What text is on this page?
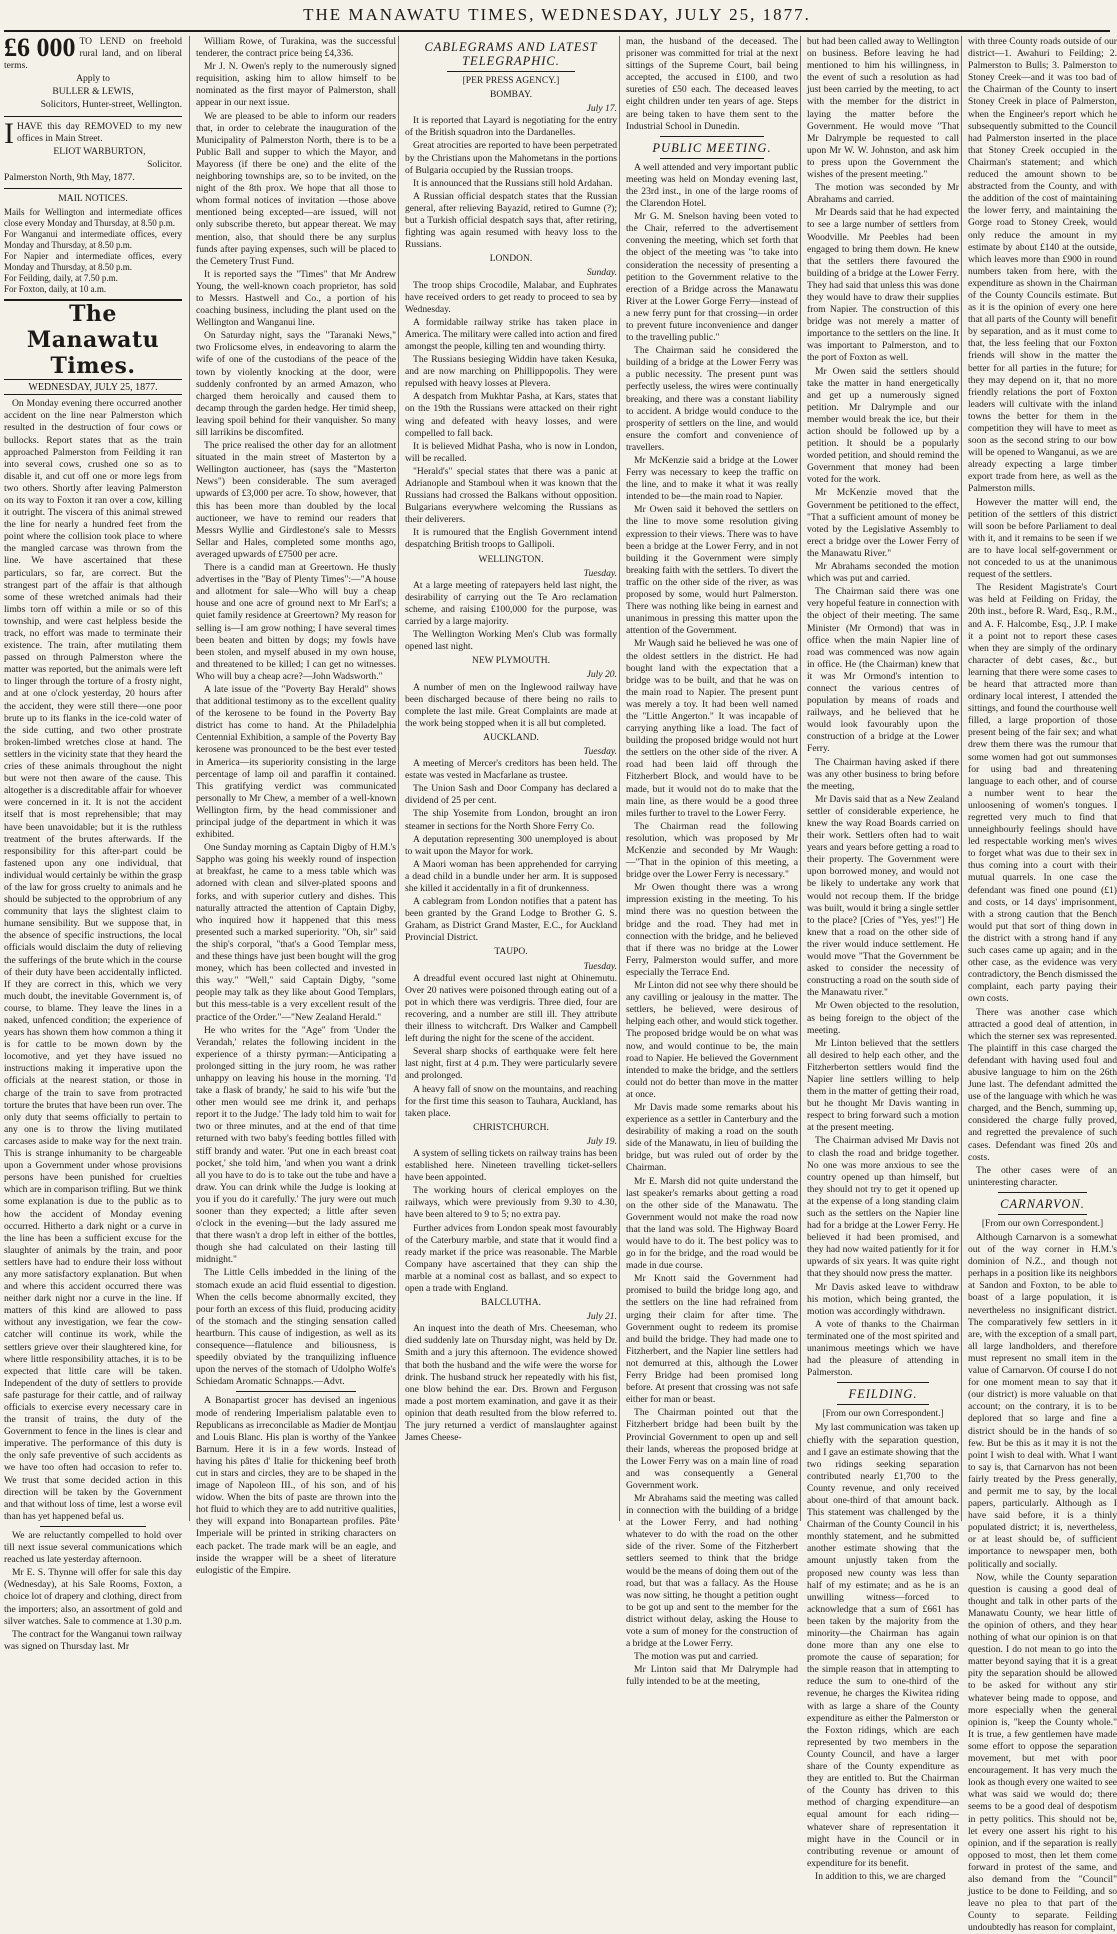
THE MANAWATU TIMES, WEDNESDAY, JULY 25, 1877.
£6 000 TO LEND on freehold rural land, and on liberal terms.

Apply to

BULLER & LEWIS,

Solicitors, Hunter-street, Wellington.

IHAVE this day REMOVED to my new offices in Main Street.

ELIOT WARBURTON,

Solicitor.

Palmerston North, 9th May, 1877.

MAIL NOTICES.
Mails for Wellington and intermediate offices close every Monday and Thursday, at 8.50 p.m.
For Wanganui and intermediate offices, every Monday and Thursday, at 8.50 p.m.
For Napier and intermediate offices, every Monday and Thursday, at 8.50 p.m.
For Feilding, daily, at 7.50 p.m.
For Foxton, daily, at 10 a.m.
The Manawatu Times.
WEDNESDAY, JULY 25, 1877.

On Monday evening there occurred another accident on the line near Palmerston which resulted in the destruction of four cows or bullocks. Report states that as the train approached Palmerston from Feilding it ran into several cows, crushed one so as to disable it, and cut off one or more legs from two others. Shortly after leaving Palmerston on its way to Foxton it ran over a cow, killing it outright. The viscera of this animal strewed the line for nearly a hundred feet from the point where the collision took place to where the mangled carcase was thrown from the line. We have ascertained that these particulars, so far, are correct. But the strangest part of the affair is that although some of these wretched animals had their limbs torn off within a mile or so of this township, and were cast helpless beside the track, no effort was made to terminate their existence. The train, after mutilating them passed on through Palmerston where the matter was reported, but the animals were left to linger through the torture of a frosty night, and at one o'clock yesterday, 20 hours after the accident, they were still there—one poor brute up to its flanks in the ice-cold water of the side cutting, and two other prostrate broken-limbed wretches close at hand. The settlers in the vicinity state that they heard the cries of these animals throughout the night but were not then aware of the cause. This altogether is a discreditable affair for whoever were concerned in it. It is not the accident itself that is most reprehensible; that may have been unavoidable; but it is the ruthless treatment of the brutes afterwards. If the responsibility for this after-part could be fastened upon any one individual, that individual would certainly be within the grasp of the law for gross cruelty to animals and he should be subjected to the opprobrium of any community that lays the slightest claim to humane sensibility. But we suppose that, in the absence of specific instructions, the local officials would disclaim the duty of relieving the sufferings of the brute which in the course of their duty have been accidentally inflicted. If they are correct in this, which we very much doubt, the inevitable Government is, of course, to blame. They leave the lines in a naked, unfenced condition; the experience of years has shown them how common a thing it is for cattle to be mown down by the locomotive, and yet they have issued no instructions making it imperative upon the officials at the nearest station, or those in charge of the train to save from protracted torture the brutes that have been run over. The only duty that seems officially to pertain to any one is to throw the living mutilated carcases aside to make way for the next train. This is strange inhumanity to be chargeable upon a Government under whose provisions persons have been punished for cruelties which are in comparison trifling. But we think some explanation is due to the public as to how the accident of Monday evening occurred. Hitherto a dark night or a curve in the line has been a sufficient excuse for the slaughter of animals by the train, and poor settlers have had to endure their loss without any more satisfactory explanation. But when and where this accident occurred there was neither dark night nor a curve in the line. If matters of this kind are allowed to pass without any investigation, we fear the cow-catcher will continue its work, while the settlers grieve over their slaughtered kine, for where little responsibility attaches, it is to be expected that little care will be taken. Independent of the duty of settlers to provide safe pasturage for their cattle, and of railway officials to exercise every necessary care in the transit of trains, the duty of the Government to fence in the lines is clear and imperative. The performance of this duty is the only safe preventive of such accidents as we have too often had occasion to refer to. We trust that some decided action in this direction will be taken by the Government and that without loss of time, lest a worse evil than has yet happened befal us.

We are reluctantly compelled to hold over till next issue several communications which reached us late yesterday afternoon.

Mr E. S. Thynne will offer for sale this day (Wednesday), at his Sale Rooms, Foxton, a choice lot of drapery and clothing, direct from the importers; also, an assortment of gold and silver watches. Sale to commence at 1.30 p.m.

The contract for the Wanganui town railway was signed on Thursday last. Mr

William Rowe, of Turakina, was the successful tenderer, the contract price being £4,336.

Mr J. N. Owen's reply to the numerously signed requisition, asking him to allow himself to be nominated as the first mayor of Palmerston, shall appear in our next issue.

We are pleased to be able to inform our readers that, in order to celebrate the inauguration of the Municipality of Palmerston North, there is to be a Public Ball and supper to which the Mayor, and Mayoress (if there be one) and the elite of the neighboring townships are, so to be invited, on the night of the 8th prox. We hope that all those to whom formal notices of invitation —those above mentioned being excepted—are issued, will not only subscribe thereto, but appear thereat. We may mention, also, that should there be any surplus funds after paying expenses, such will be placed to the Cemetery Trust Fund.

It is reported says the "Times" that Mr Andrew Young, the well-known coach proprietor, has sold to Messrs. Hastwell and Co., a portion of his coaching business, including the plant used on the Wellington and Wanganui line.

On Saturday night, says the "Taranaki News," two Frolicsome elves, in endeavoring to alarm the wife of one of the custodians of the peace of the town by violently knocking at the door, were suddenly confronted by an armed Amazon, who charged them heroically and caused them to decamp through the garden hedge. Her timid sheep, leaving spoil behind for their vanquisher. So many sill larrikins be discomfited.

The price realised the other day for an allotment situated in the main street of Masterton by a Wellington auctioneer, has (says the "Masterton News") been considerable. The sum averaged upwards of £3,000 per acre. To show, however, that this has been more than doubled by the local auctioneer, we have to remind our readers that Messrs Wyllie and Girdlestone's sale to Messrs Sellar and Hales, completed some months ago, averaged upwards of £7500 per acre.

There is a candid man at Greertown. He thusly advertises in the "Bay of Plenty Times":—"A house and allotment for sale—Who will buy a cheap house and one acre of ground next to Mr Earl's; a quiet family residence at Greertown? My reason for selling is—I am grow nothing; I have several times been beaten and bitten by dogs; my fowls have been stolen, and myself abused in my own house, and threatened to be killed; I can get no witnesses. Who will buy a cheap acre?—John Wadsworth."

A late issue of the "Poverty Bay Herald" shows that additional testimony as to the excellent quality of the kerosene to be found in the Poverty Bay district has come to hand. At the Philadelphia Centennial Exhibition, a sample of the Poverty Bay kerosene was pronounced to be the best ever tested in America—its superiority consisting in the large percentage of lamp oil and paraffin it contained. This gratifying verdict was communicated personally to Mr Chew, a member of a well-known Wellington firm, by the head commissioner and principal judge of the department in which it was exhibited.

One Sunday morning as Captain Digby of H.M.'s Sappho was going his weekly round of inspection at breakfast, he came to a mess table which was adorned with clean and silver-plated spoons and forks, and with superior cutlery and dishes. This naturally attracted the attention of Captain Digby, who inquired how it happened that this mess presented such a marked superiority. "Oh, sir" said the ship's corporal, "that's a Good Templar mess, and these things have just been bought will the grog money, which has been collected and invested in this way." "Well," said Captain Digby, "some people may talk as they like about Good Templars, but this mess-table is a very excellent result of the practice of the Order."—"New Zealand Herald."

He who writes for the "Age" from 'Under the Verandah,' relates the following incident in the experience of a thirsty pyrman:—Anticipating a prolonged sitting in the jury room, he was rather unhappy on leaving his house in the morning. 'I'd take a flask of brandy,' he said to his wife 'but the other men would see me drink it, and perhaps report it to the Judge.' The lady told him to wait for two or three minutes, and at the end of that time returned with two baby's feeding bottles filled with stiff brandy and water. 'Put one in each breast coat pocket,' she told him, 'and when you want a drink all you have to do is to take out the tube and have a draw. You can drink while the Judge is looking at you if you do it carefully.' The jury were out much sooner than they expected; a little after seven o'clock in the evening—but the lady assured me that there wasn't a drop left in either of the bottles, though she had calculated on their lasting till midnight."

The Little Cells imbedded in the lining of the stomach exude an acid fluid essential to digestion. When the cells become abnormally excited, they pour forth an excess of this fluid, producing acidity of the stomach and the stinging sensation called heartburn. This cause of indigestion, as well as its consequence—flatulence and biliousness, is speedily obviated by the tranquilizing influence upon the nerves of the stomach of Udolpho Wolfe's Schiedam Aromatic Schnapps.—Advt.

A Bonapartist grocer has devised an ingenious mode of rendering Imperialism palatable even to Republicans as irreconcilable as Madier de Montjau and Louis Blanc. His plan is worthy of the Yankee Barnum. Here it is in a few words. Instead of having his pâtes d' Italie for thickening beef broth cut in stars and circles, they are to be shaped in the image of Napoleon III., of his son, and of his widow. When the bits of paste are thrown into the hot fluid to which they are to add nutritive qualities, they will expand into Bonapartean profiles. Pâte Imperiale will be printed in striking characters on each packet. The trade mark will be an eagle, and inside the wrapper will be a sheet of literature eulogistic of the Empire.

CABLEGRAMS AND LATEST TELEGRAPHIC.
[PER PRESS AGENCY.]
BOMBAY.
July 17.

It is reported that Layard is negotiating for the entry of the British squadron into the Dardanelles.

Great atrocities are reported to have been perpetrated by the Christians upon the Mahometans in the portions of Bulgaria occupied by the Russian troops.

It is announced that the Russians still hold Ardahan.

A Russian official despatch states that the Russian general, after relieving Bayazid, retired to Gumne (?); but a Turkish official despatch says that, after retiring, fighting was again resumed with heavy loss to the Russians.

LONDON.
Sunday.

The troop ships Crocodile, Malabar, and Euphrates have received orders to get ready to proceed to sea by Wednesday.

A formidable railway strike has taken place in America. The military were called into action and fired amongst the people, killing ten and wounding thirty.

The Russians besieging Widdin have taken Kesuka, and are now marching on Phillippopolis. They were repulsed with heavy losses at Plevera.

A despatch from Mukhtar Pasha, at Kars, states that on the 19th the Russians were attacked on their right wing and defeated with heavy losses, and were compelled to fall back.

It is believed Midhat Pasha, who is now in London, will be recalled.

"Herald's" special states that there was a panic at Adrianople and Stamboul when it was known that the Russians had crossed the Balkans without opposition. Bulgarians everywhere welcoming the Russians as their deliverers.

It is rumoured that the English Government intend despatching British troops to Gallipoli.

WELLINGTON.
Tuesday.

At a large meeting of ratepayers held last night, the desirability of carrying out the Te Aro reclamation scheme, and raising £100,000 for the purpose, was carried by a large majority.

The Wellington Working Men's Club was formally opened last night.

NEW PLYMOUTH.
July 20.

A number of men on the Inglewood railway have been discharged because of there being no rails to complete the last mile. Great Complaints are made at the work being stopped when it is all but completed.

AUCKLAND.
Tuesday.

A meeting of Mercer's creditors has been held. The estate was vested in Macfarlane as trustee.

The Union Sash and Door Company has declared a dividend of 25 per cent.

The ship Yosemite from London, brought an iron steamer in sections for the North Shore Ferry Co.

A deputation representing 300 unemployed is about to wait upon the Mayor for work.

A Maori woman has been apprehended for carrying a dead child in a bundle under her arm. It is supposed she killed it accidentally in a fit of drunkenness.

A cablegram from London notifies that a patent has been granted by the Grand Lodge to Brother G. S. Graham, as District Grand Master, E.C., for Auckland Provincial District.

TAUPO.
Tuesday.

A dreadful event occured last night at Ohinemutu. Over 20 natives were poisoned through eating out of a pot in which there was verdigris. Three died, four are recovering, and a number are still ill. They attribute their illness to witchcraft. Drs Walker and Campbell left during the night for the scene of the accident.

Several sharp shocks of earthquake were felt here last night, first at 4 p.m. They were particularly severe and prolonged.

A heavy fall of snow on the mountains, and reaching for the first time this season to Tauhara, Auckland, has taken place.

CHRISTCHURCH.
July 19.

A system of selling tickets on railway trains has been established here. Nineteen travelling ticket-sellers have been appointed.

The working hours of clerical employes on the railways, which were previously from 9.30 to 4.30, have been altered to 9 to 5; no extra pay.

Further advices from London speak most favourably of the Caterbury marble, and state that it would find a ready market if the price was reasonable. The Marble Company have ascertained that they can ship the marble at a nominal cost as ballast, and so expect to open a trade with England.

BALCLUTHA.
July 21.

An inquest into the death of Mrs. Cheeseman, who died suddenly late on Thursday night, was held by Dr. Smith and a jury this afternoon. The evidence showed that both the husband and the wife were the worse for drink. The husband struck her repeatedly with his fist, one blow behind the ear. Drs. Brown and Ferguson made a post mortem examination, and gave it as their opinion that death resulted from the blow referred to. The jury returned a verdict of manslaughter against James Cheese-

man, the husband of the deceased. The prisoner was committed for trial at the next sittings of the Supreme Court, bail being accepted, the accused in £100, and two sureties of £50 each. The deceased leaves eight children under ten years of age. Steps are being taken to have them sent to the Industrial School in Dunedin.

PUBLIC MEETING.

A well attended and very important public meeting was held on Monday evening last, the 23rd inst., in one of the large rooms of the Clarendon Hotel.

Mr G. M. Snelson having been voted to the Chair, referred to the advertisement convening the meeting, which set forth that the object of the meeting was "to take into consideration the necessity of presenting a petition to the Government relative to the erection of a Bridge across the Manawatu River at the Lower Gorge Ferry—instead of a new ferry punt for that crossing—in order to prevent future inconvenience and danger to the travelling public."

The Chairman said he considered the building of a bridge at the Lower Ferry was a public necessity. The present punt was perfectly useless, the wires were continually breaking, and there was a constant liability to accident. A bridge would conduce to the prosperity of settlers on the line, and would ensure the comfort and convenience of travellers.

Mr McKenzie said a bridge at the Lower Ferry was necessary to keep the traffic on the line, and to make it what it was really intended to be—the main road to Napier.

Mr Owen said it behoved the settlers on the line to move some resolution giving expression to their views. There was to have been a bridge at the Lower Ferry, and in not building it the Government were simply breaking faith with the settlers. To divert the traffic on the other side of the river, as was proposed by some, would hurt Palmerston. There was nothing like being in earnest and unanimous in pressing this matter upon the attention of the Government.

Mr Waugh said he believed he was one of the oldest settlers in the district. He had bought land with the expectation that a bridge was to be built, and that he was on the main road to Napier. The present punt was merely a toy. It had been well named the "Little Angerton." It was incapable of carrying anything like a load. The fact of building the proposed bridge would not hurt the settlers on the other side of the river. A road had been laid off through the Fitzherbert Block, and would have to be made, but it would not do to make that the main line, as there would be a good three miles further to travel to the Lower Ferry.

The Chairman read the following resolution, which was proposed by Mr McKenzie and seconded by Mr Waugh: —"That in the opinion of this meeting, a bridge over the Lower Ferry is necessary."

Mr Owen thought there was a wrong impression existing in the meeting. To his mind there was no question between the bridge and the road. They had met in connection with the bridge, and he believed that if there was no bridge at the Lower Ferry, Palmerston would suffer, and more especially the Terrace End.

Mr Linton did not see why there should be any cavilling or jealousy in the matter. The settlers, he believed, were desirous of helping each other, and would stick together. The proposed bridge would be on what was now, and would continue to be, the main road to Napier. He believed the Government intended to make the bridge, and the settlers could not do better than move in the matter at once.

Mr Davis made some remarks about his experience as a settler in Canterbury and the desirability of making a road on the south side of the Manawatu, in lieu of building the bridge, but was ruled out of order by the Chairman.

Mr E. Marsh did not quite understand the last speaker's remarks about getting a road on the other side of the Manawatu. The Government would not make the road now that the land was sold. The Highway Board would have to do it. The best policy was to go in for the bridge, and the road would be made in due course.

Mr Knott said the Government had promised to build the bridge long ago, and the settlers on the line had refrained from urging their claim for after time. The Government ought to redeem its promise and build the bridge. They had made one to Fitzherbert, and the Napier line settlers had not demurred at this, although the Lower Ferry Bridge had been promised long before. At present that crossing was not safe either for man or beast.

The Chairman pointed out that the Fitzherbert bridge had been built by the Provincial Government to open up and sell their lands, whereas the proposed bridge at the Lower Ferry was on a main line of road and was consequently a General Government work.

Mr Abrahams said the meeting was called in connection with the building of a bridge at the Lower Ferry, and had nothing whatever to do with the road on the other side of the river. Some of the Fitzherbert settlers seemed to think that the bridge would be the means of doing them out of the road, but that was a fallacy. As the House was now sitting, he thought a petition ought to be got up and sent to the member for the district without delay, asking the House to vote a sum of money for the construction of a bridge at the Lower Ferry.

The motion was put and carried.

Mr Linton said that Mr Dalrymple had fully intended to be at the meeting,

but had been called away to Wellington on business. Before leaving he had mentioned to him his willingness, in the event of such a resolution as had just been carried by the meeting, to act with the member for the district in laying the matter before the Government. He would move "That Mr Dalrymple be requested to call upon Mr W. W. Johnston, and ask him to press upon the Government the wishes of the present meeting."

The motion was seconded by Mr Abrahams and carried.

Mr Deards said that he had expected to see a large number of settlers from Woodville. Mr Peebles had been engaged to bring them down. He knew that the settlers there favoured the building of a bridge at the Lower Ferry. They had said that unless this was done they would have to draw their supplies from Napier. The construction of this bridge was not merely a matter of importance to the settlers on the line. It was important to Palmerston, and to the port of Foxton as well.

Mr Owen said the settlers should take the matter in hand energetically and get up a numerously signed petition. Mr Dalrymple and our member would break the ice, but their action should be followed up by a petition. It should be a popularly worded petition, and should remind the Government that money had been voted for the work.

Mr McKenzie moved that the Government be petitioned to the effect, "That a sufficient amount of money be voted by the Legislative Assembly to erect a bridge over the Lower Ferry of the Manawatu River."

Mr Abrahams seconded the motion which was put and carried.

The Chairman said there was one very hopeful feature in connection with the object of their meeting. The same Minister (Mr Ormond) that was in office when the main Napier line of road was commenced was now again in office. He (the Chairman) knew that it was Mr Ormond's intention to connect the various centres of population by means of roads and railways, and he believed that he would look favourably upon the construction of a bridge at the Lower Ferry.

The Chairman having asked if there was any other business to bring before the meeting,

Mr Davis said that as a New Zealand settler of considerable experience, he knew the way Road Boards carried on their work. Settlers often had to wait years and years before getting a road to their property. The Government were upon borrowed money, and would not be likely to undertake any work that would not recoup them. If the bridge was built, would it bring a single settler to the place? [Cries of "Yes, yes!"] He knew that a road on the other side of the river would induce settlement. He would move "That the Government be asked to consider the necessity of constructing a road on the south side of the Manawatu river."

Mr Owen objected to the resolution, as being foreign to the object of the meeting.

Mr Linton believed that the settlers all desired to help each other, and the Fitzherberton settlers would find the Napier line settlers willing to help them in the matter of getting their road, but he thought Mr Davis wanting in respect to bring forward such a motion at the present meeting.

The Chairman advised Mr Davis not to clash the road and bridge together. No one was more anxious to see the country opened up than himself, but they should not try to get it opened up at the expense of a long standing claim such as the settlers on the Napier line had for a bridge at the Lower Ferry. He believed it had been promised, and they had now waited patiently for it for upwards of six years. It was quite right that they should now press the matter.

Mr Davis asked leave to withdraw his motion, which being granted, the motion was accordingly withdrawn.

A vote of thanks to the Chairman terminated one of the most spirited and unanimous meetings which we have had the pleasure of attending in Palmerston.

FEILDING.
[From our own Correspondent.]

My last communication was taken up chiefly with the separation question, and I gave an estimate showing that the two ridings seeking separation contributed nearly £1,700 to the County revenue, and only received about one-third of that amount back. This statement was challenged by the Chairman of the County Council in his monthly statement, and he submitted another estimate showing that the amount unjustly taken from the proposed new county was less than half of my estimate; and as he is an unwilling witness—forced to acknowledge that a sum of £661 has been taken by the majority from the minority—the Chairman has again done more than any one else to promote the cause of separation; for the simple reason that in attempting to reduce the sum to one-third of the revenue, he charges the Kiwitea riding with as large a share of the County expenditure as either the Palmerston or the Foxton ridings, which are each represented by two members in the County Council, and have a larger share of the County expenditure as they are entitled to. But the Chairman of the County has driven to this method of charging expenditure—an equal amount for each riding—whatever share of representation it might have in the Council or in contributing revenue or amount of expenditure for its benefit.

In addition to this, we are charged

with three County roads outside of our district—1. Awahuri to Feilding; 2. Palmerston to Bulls; 3. Palmerston to Stoney Creek—and it was too bad of the Chairman of the County to insert Stoney Creek in place of Palmerston, when the Engineer's report which he subsequently submitted to the Council had Palmerston inserted in the place that Stoney Creek occupied in the Chairman's statement; and which reduced the amount shown to be abstracted from the County, and with the addition of the cost of maintaining the lower ferry, and maintaining the Gorge road to Stoney Creek, would only reduce the amount in my estimate by about £140 at the outside, which leaves more than £900 in round numbers taken from here, with the expenditure as shown in the Chairman of the County Councils estimate. But as it is the opinion of every one here that all parts of the County will benefit by separation, and as it must come to that, the less feeling that our Foxton friends will show in the matter the better for all parties in the future; for they may depend on it, that no more friendly relations the port of Foxton leaders will cultivate with the inland towns the better for them in the competition they will have to meet as soon as the second string to our bow will be opened to Wanganui, as we are already expecting a large timber export trade from here, as well as the Palmerston mills.

However the matter will end, the petition of the settlers of this district will soon be before Parliament to deal with it, and it remains to be seen if we are to have local self-government or not conceded to us at the unanimous request of the settlers.

The Resident Magistrate's Court was held at Feilding on Friday, the 20th inst., before R. Ward, Esq., R.M., and A. F. Halcombe, Esq., J.P. I make it a point not to report these cases when they are simply of the ordinary character of debt cases, &c., but learning that there were some cases to be heard that attracted more than ordinary local interest, I attended the sittings, and found the courthouse well filled, a large proportion of those present being of the fair sex; and what drew them there was the rumour that some women had got out summonses for using bad and threatening language to each other, and of course a number went to hear the unloosening of women's tongues. I regretted very much to find that unneighbourly feelings should have led respectable working men's wives to forget what was due to their sex in thus coming into a court with their mutual quarrels. In one case the defendant was fined one pound (£1) and costs, or 14 days' imprisonment, with a strong caution that the Bench would put that sort of thing down in the district with a strong hand if any such cases came up again; and in the other case, as the evidence was very contradictory, the Bench dismissed the complaint, each party paying their own costs.

There was another case which attracted a good deal of attention, in which the sterner sex was represented. The plaintiff in this case charged the defendant with having used foul and abusive language to him on the 26th June last. The defendant admitted the use of the language with which he was charged, and the Bench, summing up, considered the charge fully proved, and regretted the prevalence of such cases. Defendant was fined 20s and costs.

The other cases were of an uninteresting character.

CARNARVON.
[From our own Correspondent.]

Although Carnarvon is a somewhat out of the way corner in H.M.'s dominion of N.Z., and though not perhaps in a position like its neighbors at Sandon and Foxton, to be able to boast of a large population, it is nevertheless no insignificant district. The comparatively few settlers in it are, with the exception of a small part, all large landholders, and therefore must represent no small item in the value of Carnarvon. Of course I do not for one moment mean to say that it (our district) is more valuable on that account; on the contrary, it is to be deplored that so large and fine a district should be in the hands of so few. But be this as it may it is not the point I wish to deal with. What I want to say is, that Carnarvon has not been fairly treated by the Press generally, and permit me to say, by the local papers, particularly. Although as I have said before, it is a thinly populated district; it is, nevertheless, or at least should be, of sufficient importance to newspaper men, both politically and socially.

Now, while the County separation question is causing a good deal of thought and talk in other parts of the Manawatu County, we hear little of the opinion of others, and they hear nothing of what our opinion is on that question. I do not mean to go into the matter beyond saying that it is a great pity the separation should be allowed to be asked for without any stir whatever being made to oppose, and more especially when the general opinion is, "keep the County whole." It is true, a few gentlemen have made some effort to oppose the separation movement, but met with poor encouragement. It has very much the look as though every one waited to see what was said we would do; there seems to be a good deal of despotism in petty politics. This should not be, let every one assert his right to his opinion, and if the separation is really opposed to most, then let them come forward in protest of the same, and also demand from the "Council" justice to be done to Feilding, and so leave no plea to that part of the County to separate. Feilding undoubtedly has reason for complaint,
